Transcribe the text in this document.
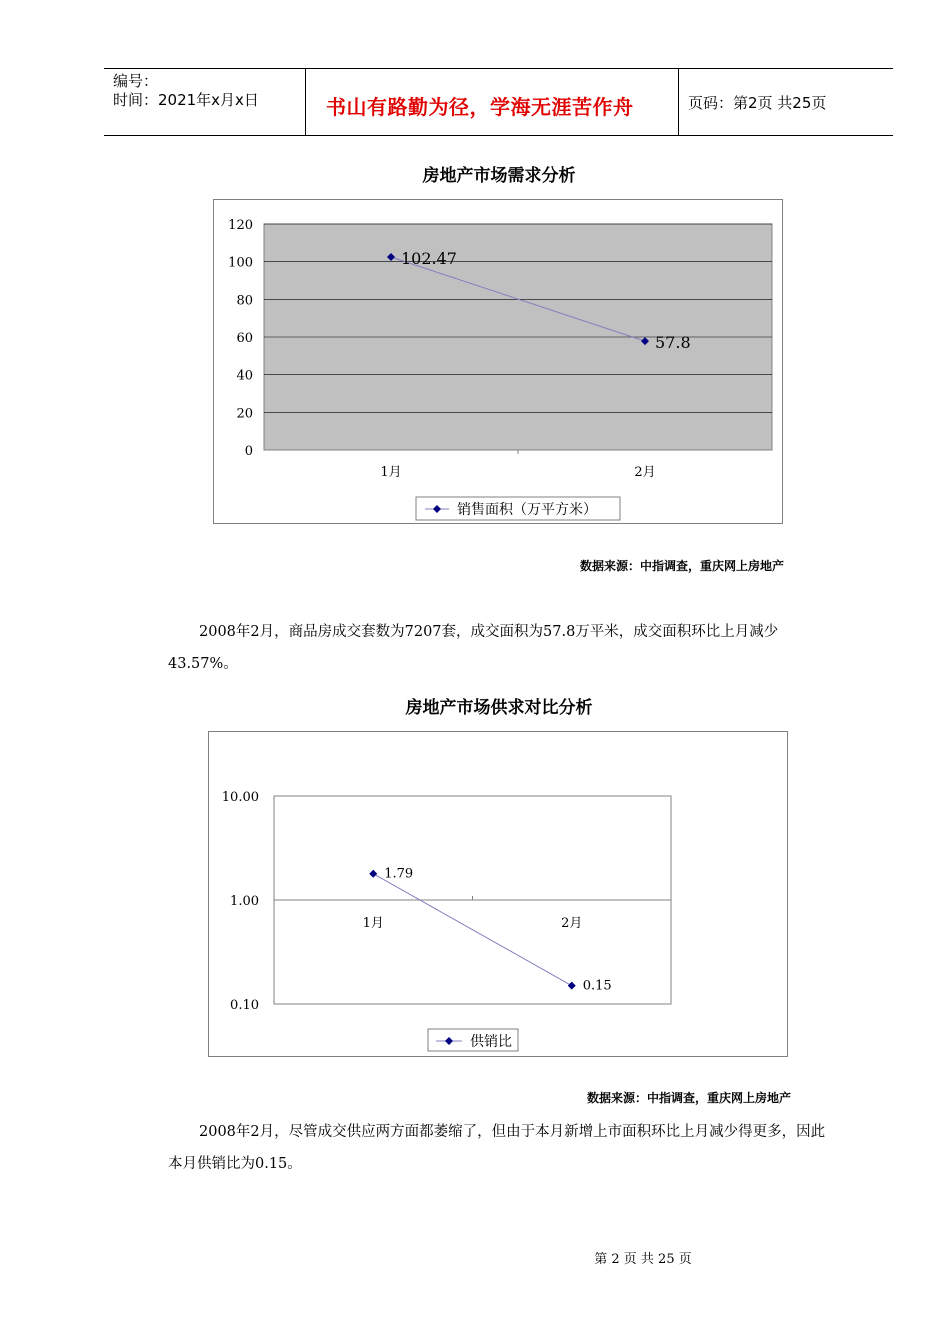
编号：
时间：2021年x月x日	书山有路勤为径，学海无涯苦作舟	页码：第2页 共25页
房地产市场需求分析
0
20
40
60
80
100
120
1月	2月
102.47
57.8
销售面积（万平方米）
数据来源：中指调查，重庆网上房地产
2008年2月，商品房成交套数为7207套，成交面积为57.8万平米，成交面积环比上月减少43.57%。
房地产市场供求对比分析
0.10
1.00
10.00
1月	2月
1.79
0.15
供销比
数据来源：中指调查，重庆网上房地产
2008年2月，尽管成交供应两方面都萎缩了，但由于本月新增上市面积环比上月减少得更多，因此本月供销比为0.15。
第 2 页 共 25 页
